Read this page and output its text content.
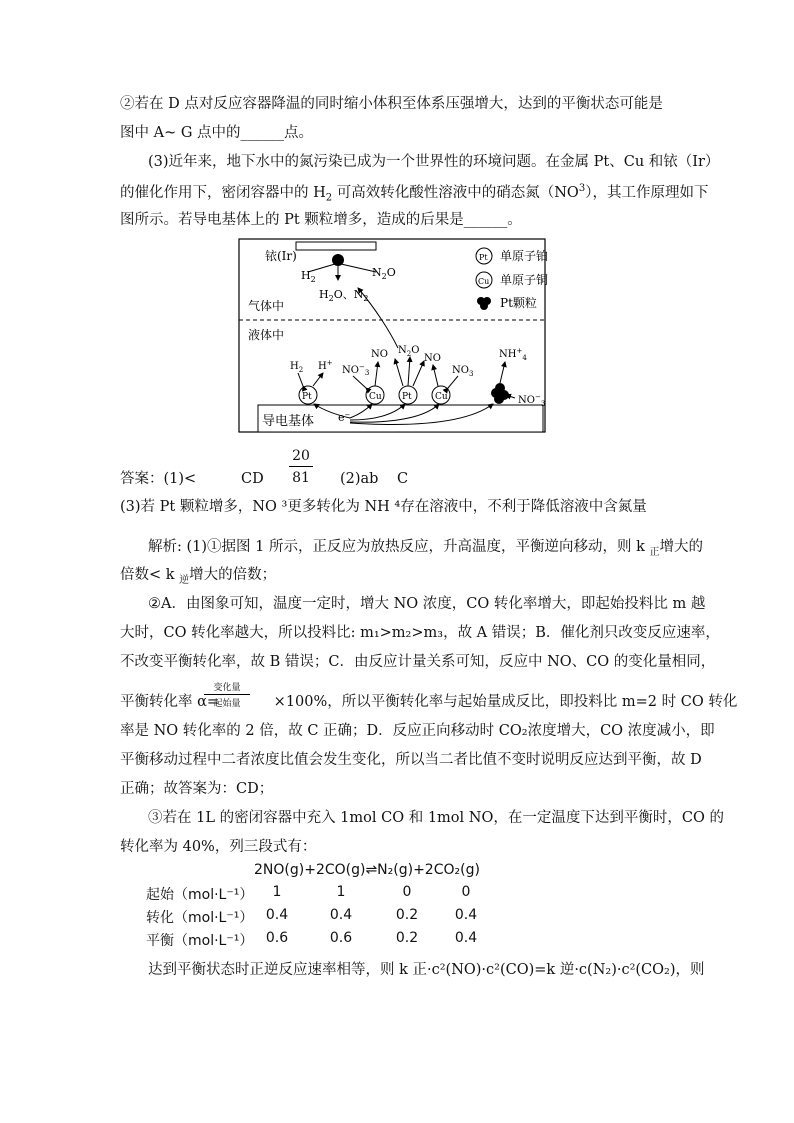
②若在 D 点对反应容器降温的同时缩小体积至体系压强增大，达到的平衡状态可能是
图中 A~ G 点中的______点。
(3)近年来，地下水中的氮污染已成为一个世界性的环境问题。在金属 Pt、Cu 和铱（Ir）
的催化作用下，密闭容器中的 $H_2$ 可高效转化酸性溶液中的硝态氮$(NO^3)$，其工作原理如下
图所示。若导电基体上的 Pt 颗粒增多，造成的后果是______。
导电基体
铱(Ir)
$H_2$
$N_2O$
$H_2O$、$N_2$
气体中
液体中
Pt 单原子铂
Cu 单原子铜
Pt颗粒
Pt	Cu Pt	Cu
$H_2$ H+
$NO^-_3$
NO $N_2O$
NO
$NO_3$
$NH^+_4$
$NO^-_3$
e−
答案：(1)<	CD $\frac{20}{81} (2)ab$ C
(3)若 Pt 颗粒增多，NO ³更多转化为 NH ⁴存在溶液中，不利于降低溶液中含氮量
解析: (1)①据图 1 所示，正反应为放热反应，升高温度，平衡逆向移动，则 k $_正$增大的
倍数< k $_逆$增大的倍数；
②A．由图象可知，温度一定时，增大 NO 浓度，CO 转化率增大，即起始投料比 m 越
大时，CO 转化率越大，所以投料比: m₁>m₂>m₃，故 A 错误；B．催化剂只改变反应速率，
不改变平衡转化率，故 B 错误；C．由反应计量关系可知，反应中 NO、CO 的变化量相同，
平衡转化率 α=	×100%，所以平衡转化率与起始量成反比，即投料比 m=2 时 CO 转化
变化量
起始量
率是 NO 转化率的 2 倍，故 C 正确；D．反应正向移动时 CO₂浓度增大，CO 浓度减小，即
平衡移动过程中二者浓度比值会发生变化，所以当二者比值不变时说明反应达到平衡，故 D
正确；故答案为：CD；
③若在 1L 的密闭容器中充入 1mol CO 和 1mol NO，在一定温度下达到平衡时，CO 的
转化率为 40%，列三段式有：
2NO(g)+2CO(g)⇌N₂(g)+2CO₂(g)
起始（mol·L⁻¹）	1	1	0	0
转化（mol·L⁻¹） 0.4	0.4	0.2	0.4
平衡（mol·L⁻¹） 0.6	0.6	0.2	0.4
达到平衡状态时正逆反应速率相等，则 k 正·c²(NO)·c²(CO)=k 逆·c(N₂)·c²(CO₂)，则
